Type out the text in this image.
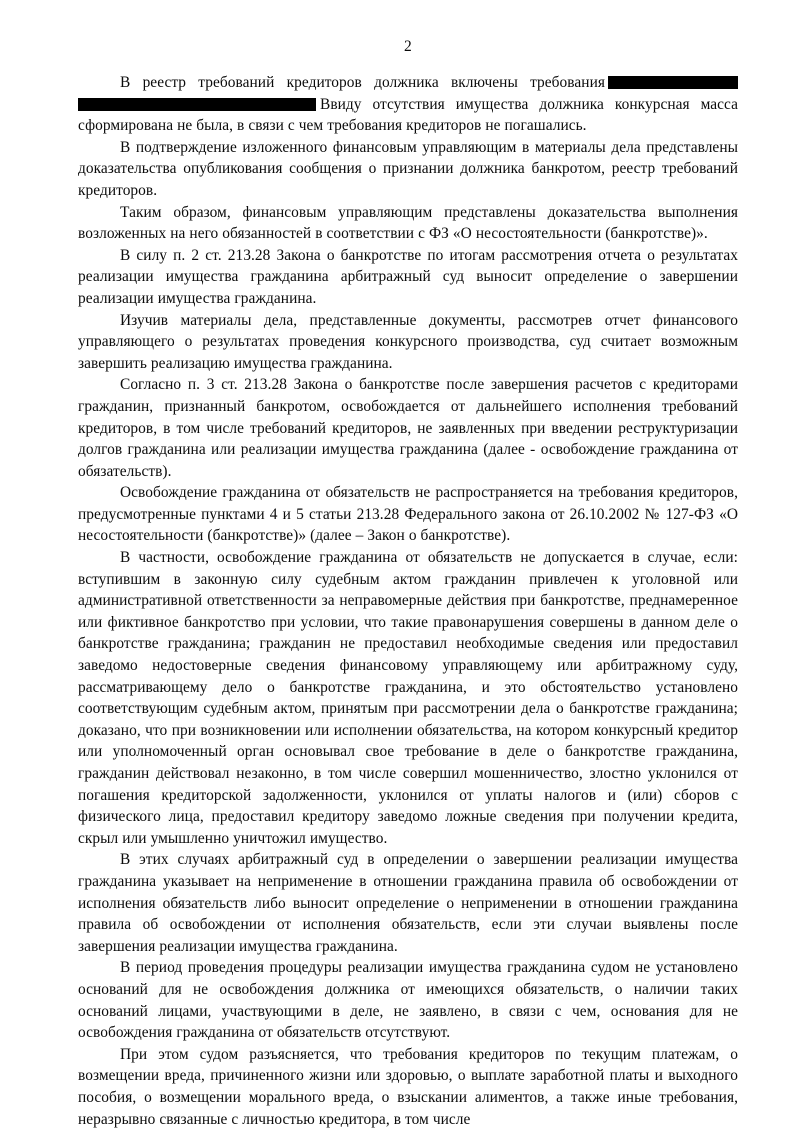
2

В реестр требований кредиторов должника включены требования Ввиду отсутствия имущества должника конкурсная масса сформирована не была, в связи с чем требования кредиторов не погашались.

В подтверждение изложенного финансовым управляющим в материалы дела представлены доказательства опубликования сообщения о признании должника банкротом, реестр требований кредиторов.

Таким образом, финансовым управляющим представлены доказательства выполнения возложенных на него обязанностей в соответствии с ФЗ «О несостоятельности (банкротстве)».

В силу п. 2 ст. 213.28 Закона о банкротстве по итогам рассмотрения отчета о результатах реализации имущества гражданина арбитражный суд выносит определение о завершении реализации имущества гражданина.

Изучив материалы дела, представленные документы, рассмотрев отчет финансового управляющего о результатах проведения конкурсного производства, суд считает возможным завершить реализацию имущества гражданина.

Согласно п. 3 ст. 213.28 Закона о банкротстве после завершения расчетов с кредиторами гражданин, признанный банкротом, освобождается от дальнейшего исполнения требований кредиторов, в том числе требований кредиторов, не заявленных при введении реструктуризации долгов гражданина или реализации имущества гражданина (далее - освобождение гражданина от обязательств).

Освобождение гражданина от обязательств не распространяется на требования кредиторов, предусмотренные пунктами 4 и 5 статьи 213.28 Федерального закона от 26.10.2002 № 127-ФЗ «О несостоятельности (банкротстве)» (далее – Закон о банкротстве).

В частности, освобождение гражданина от обязательств не допускается в случае, если: вступившим в законную силу судебным актом гражданин привлечен к уголовной или административной ответственности за неправомерные действия при банкротстве, преднамеренное или фиктивное банкротство при условии, что такие правонарушения совершены в данном деле о банкротстве гражданина; гражданин не предоставил необходимые сведения или предоставил заведомо недостоверные сведения финансовому управляющему или арбитражному суду, рассматривающему дело о банкротстве гражданина, и это обстоятельство установлено соответствующим судебным актом, принятым при рассмотрении дела о банкротстве гражданина; доказано, что при возникновении или исполнении обязательства, на котором конкурсный кредитор или уполномоченный орган основывал свое требование в деле о банкротстве гражданина, гражданин действовал незаконно, в том числе совершил мошенничество, злостно уклонился от погашения кредиторской задолженности, уклонился от уплаты налогов и (или) сборов с физического лица, предоставил кредитору заведомо ложные сведения при получении кредита, скрыл или умышленно уничтожил имущество.

В этих случаях арбитражный суд в определении о завершении реализации имущества гражданина указывает на неприменение в отношении гражданина правила об освобождении от исполнения обязательств либо выносит определение о неприменении в отношении гражданина правила об освобождении от исполнения обязательств, если эти случаи выявлены после завершения реализации имущества гражданина.

В период проведения процедуры реализации имущества гражданина судом не установлено оснований для не освобождения должника от имеющихся обязательств, о наличии таких оснований лицами, участвующими в деле, не заявлено, в связи с чем, основания для не освобождения гражданина от обязательств отсутствуют.

При этом судом разъясняется, что требования кредиторов по текущим платежам, о возмещении вреда, причиненного жизни или здоровью, о выплате заработной платы и выходного пособия, о возмещении морального вреда, о взыскании алиментов, а также иные требования, неразрывно связанные с личностью кредитора, в том числе
